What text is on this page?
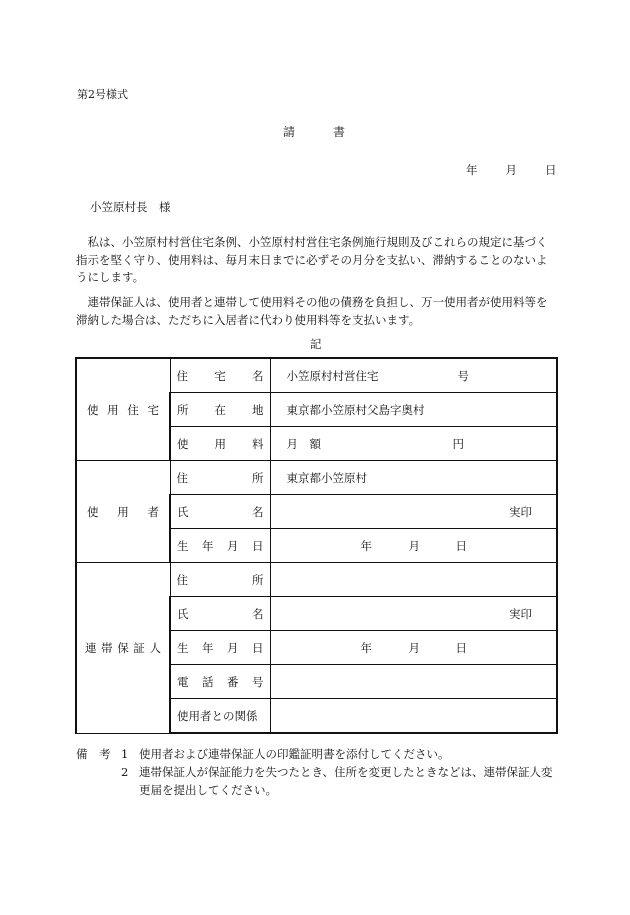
第2号様式
請	書
年 月 日
小笠原村長　様
　私は、小笠原村村営住宅条例、小笠原村村営住宅条例施行規則及びこれらの規定に基づく指示を堅く守り、使用料は、毎月末日までに必ずその月分を支払い、滞納することのないようにします。
　連帯保証人は、使用者と連帯して使用料その他の債務を負担し、万一使用者が使用料等を滞納した場合は、ただちに入居者に代わり使用料等を支払います。
記
使 用 住 宅	住 宅 名	小笠原村村営住宅 号

	所 在 地	東京都小笠原村父島字奥村

	使 用 料	月　額 円

使 用 者	住 所	東京都小笠原村

	氏 名	実印

	生 年 月 日	年 月 日

連 帯 保 証 人	住 所	

	氏 名	実印

	生 年 月 日	年 月 日

	電 話 番 号	

	使用者との関係	

備　考 1 使用者および連帯保証人の印鑑証明書を添付してください。
2 連帯保証人が保証能力を失つたとき、住所を変更したときなどは、連帯保証人変更届を提出してください。
